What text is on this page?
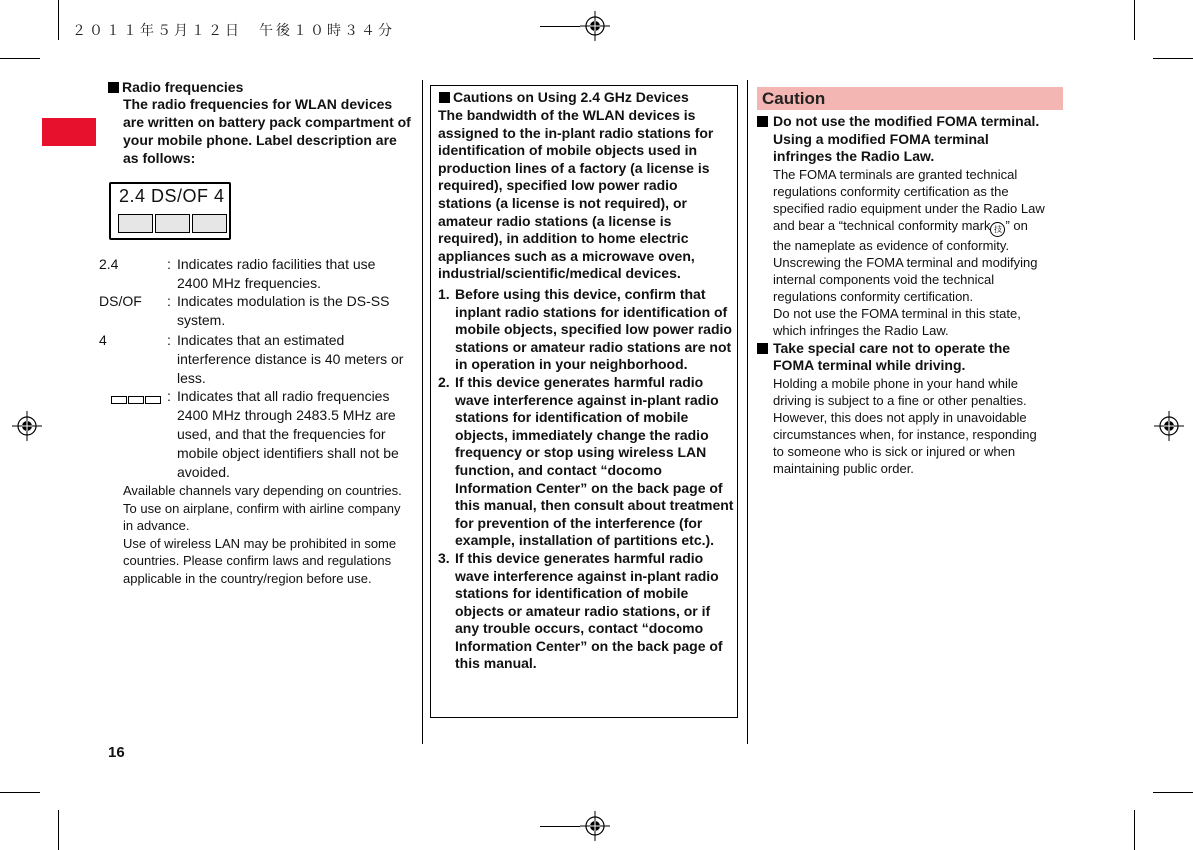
２０１１年５月１２日　午後１０時３４分
Radio frequencies
The radio frequencies for WLAN devices are written on battery pack compartment of your mobile phone. Label description are as follows:
2.4 DS/OF 4
2.4	: Indicates radio facilities that use 2400 MHz frequencies.
DS/OF : Indicates modulation is the DS-SS system.
4	: Indicates that an estimated interference distance is 40 meters or less.
: Indicates that all radio frequencies 2400 MHz through 2483.5 MHz are used, and that the frequencies for mobile object identifiers shall not be avoided.

Available channels vary depending on countries.

To use on airplane, confirm with airline company in advance.

Use of wireless LAN may be prohibited in some countries. Please confirm laws and regulations applicable in the country/region before use.

Cautions on Using 2.4 GHz Devices
The bandwidth of the WLAN devices is assigned to the in-plant radio stations for identification of mobile objects used in production lines of a factory (a license is required), specified low power radio stations (a license is not required), or amateur radio stations (a license is required), in addition to home electric appliances such as a microwave oven, industrial/scientific/medical devices.
1. Before using this device, confirm that inplant radio stations for identification of mobile objects, specified low power radio stations or amateur radio stations are not in operation in your neighborhood.
2. If this device generates harmful radio wave interference against in-plant radio stations for identification of mobile objects, immediately change the radio frequency or stop using wireless LAN function, and contact “docomo Information Center” on the back page of this manual, then consult about treatment for prevention of the interference (for example, installation of partitions etc.).
3. If this device generates harmful radio wave interference against in-plant radio stations for identification of mobile objects or amateur radio stations, or if any trouble occurs, contact “docomo Information Center” on the back page of this manual.
Caution
Do not use the modified FOMA terminal. Using a modified FOMA terminal infringes the Radio Law.

The FOMA terminals are granted technical regulations conformity certification as the specified radio equipment under the Radio Law and bear a “technical conformity mark 技 ” on the nameplate as evidence of conformity.

Unscrewing the FOMA terminal and modifying internal components void the technical regulations conformity certification.

Do not use the FOMA terminal in this state, which infringes the Radio Law.

Take special care not to operate the FOMA terminal while driving.

Holding a mobile phone in your hand while driving is subject to a fine or other penalties. However, this does not apply in unavoidable circumstances when, for instance, responding to someone who is sick or injured or when maintaining public order.

16
